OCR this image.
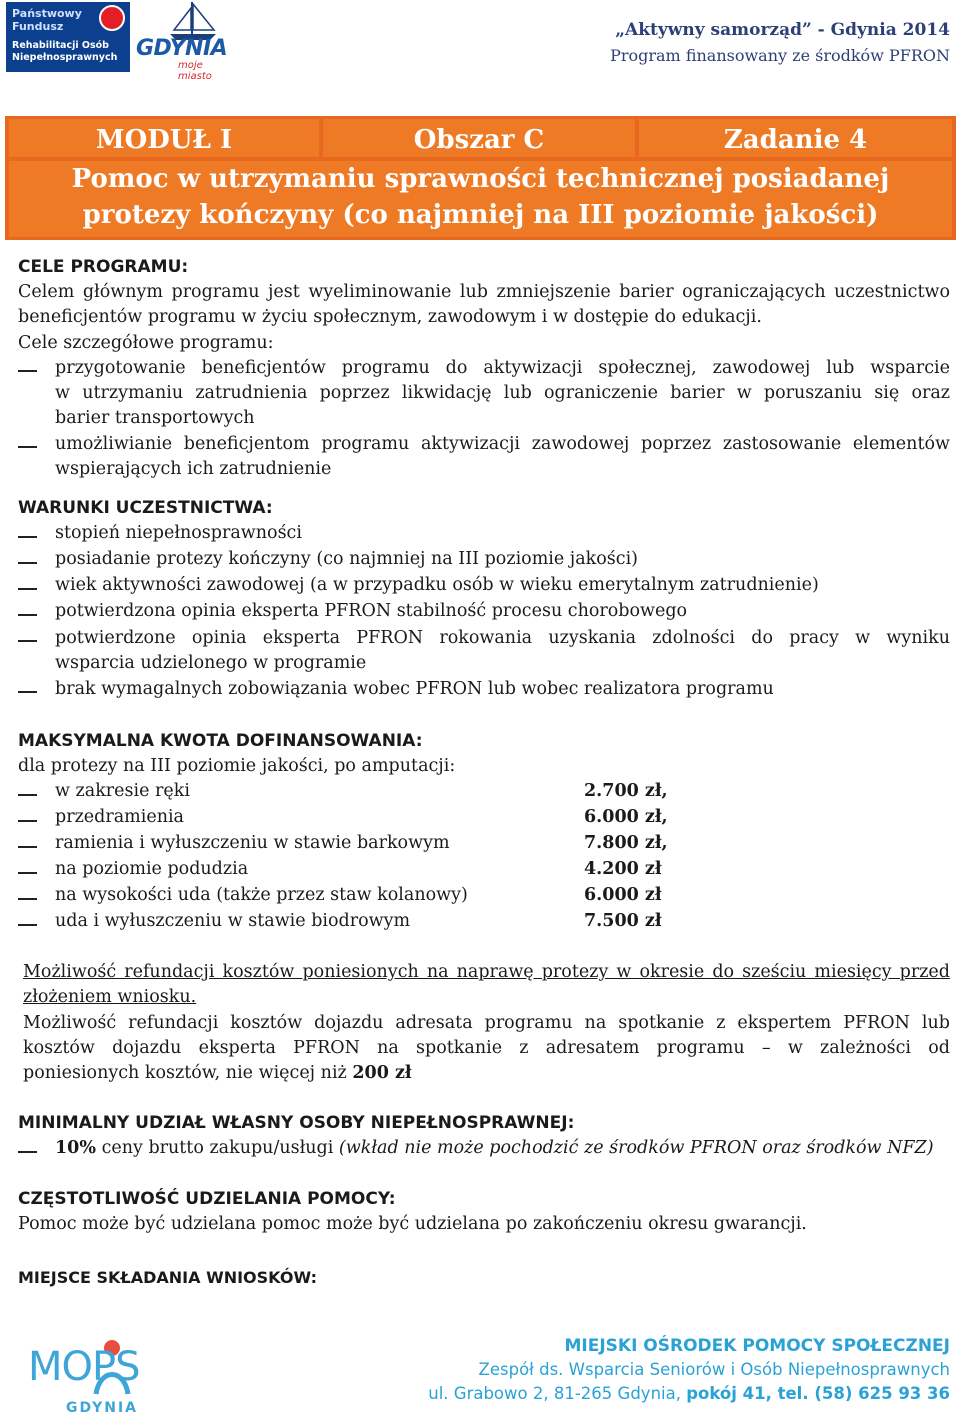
Państwowy Fundusz
Rehabilitacji Osób
Niepełnosprawnych GDYNIA
moje miasto
„Aktywny samorząd” - Gdynia 2014
Program finansowany ze środków PFRON
MODUŁ I	Obszar C	Zadanie 4
Pomoc w utrzymaniu sprawności technicznej posiadanej
protezy kończyny (co najmniej na III poziomie jakości)
CELE PROGRAMU:
Celem głównym programu jest wyeliminowanie lub zmniejszenie barier ograniczających uczestnictwo
beneficjentów programu w życiu społecznym, zawodowym i w dostępie do edukacji.
Cele szczegółowe programu:
przygotowanie beneficjentów programu do aktywizacji społecznej, zawodowej lub wsparcie
w utrzymaniu zatrudnienia poprzez likwidację lub ograniczenie barier w poruszaniu się oraz
barier transportowych
umożliwianie beneficjentom programu aktywizacji zawodowej poprzez zastosowanie elementów
wspierających ich zatrudnienie
WARUNKI UCZESTNICTWA:
stopień niepełnosprawności
posiadanie protezy kończyny (co najmniej na III poziomie jakości)
wiek aktywności zawodowej (a w przypadku osób w wieku emerytalnym zatrudnienie)
potwierdzona opinia eksperta PFRON stabilność procesu chorobowego
potwierdzone opinia eksperta PFRON rokowania uzyskania zdolności do pracy w wyniku
wsparcia udzielonego w programie
brak wymagalnych zobowiązania wobec PFRON lub wobec realizatora programu
MAKSYMALNA KWOTA DOFINANSOWANIA:
dla protezy na III poziomie jakości, po amputacji:
w zakresie ręki	2.700 zł,
przedramienia	6.000 zł,
ramienia i wyłuszczeniu w stawie barkowym	7.800 zł,
na poziomie podudzia	4.200 zł
na wysokości uda (także przez staw kolanowy)	6.000 zł
uda i wyłuszczeniu w stawie biodrowym	7.500 zł
Możliwość refundacji kosztów poniesionych na naprawę protezy w okresie do sześciu miesięcy przed
złożeniem wniosku.
Możliwość refundacji kosztów dojazdu adresata programu na spotkanie z ekspertem PFRON lub
kosztów dojazdu eksperta PFRON na spotkanie z adresatem programu – w zależności od
poniesionych kosztów, nie więcej niż 200 zł
MINIMALNY UDZIAŁ WŁASNY OSOBY NIEPEŁNOSPRAWNEJ:
10% ceny brutto zakupu/usługi (wkład nie może pochodzić ze środków PFRON oraz środków NFZ)
CZĘSTOTLIWOŚĆ UDZIELANIA POMOCY:
Pomoc może być udzielana pomoc może być udzielana po zakończeniu okresu gwarancji.
MIEJSCE SKŁADANIA WNIOSKÓW:
MOPS
GDYNIA
MIEJSKI OŚRODEK POMOCY SPOŁECZNEJ
Zespół ds. Wsparcia Seniorów i Osób Niepełnosprawnych
ul. Grabowo 2, 81-265 Gdynia, pokój 41, tel. (58) 625 93 36
